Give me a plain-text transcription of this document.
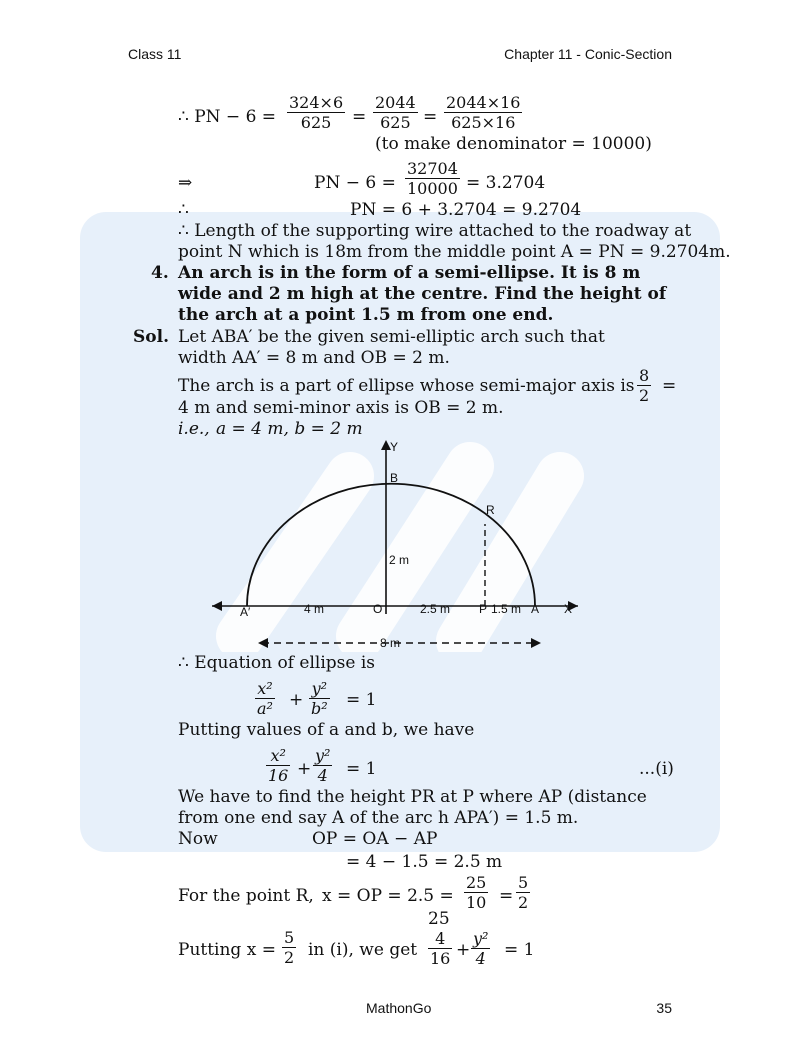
Class 11	Chapter 11 - Conic-Section
∴ PN − $6 = \frac{324\times 6}{625} = \frac{2044}{625} = \frac{2044\times 16}{625\times 16}$
(to make denominator = 10000)
⇒	PN − $6 = \frac{32704}{10000} = 3.2704$
∴	PN = 6 + 3.2704 = 9.2704
∴ Length of the supporting wire attached to the roadway at
point N which is 18m from the middle point A = PN = 9.2704m.
4. An arch is in the form of a semi-ellipse. It is 8 m
wide and 2 m high at the centre. Find the height of
the arch at a point 1.5 m from one end.
Sol. Let ABA′ be the given semi-elliptic arch such that
width AA′ = 8 m and OB = 2 m.
The arch is a part of ellipse whose semi-major axis is $\frac{8}{2}$ =
4 m and semi-minor axis is OB = 2 m.
i.e., a = 4 m, b = 2 m
Y
B
R
2 m
A′	4 m	O	2.5 m P 1.5 m A X
8 m
∴ Equation of ellipse is
$\frac{\text{x²}}{\text{a²}} + \frac{\text{y²}}{\text{b²}} = 1$
Putting values of a and b, we have
$\frac{\text{x²}}{16} + \frac{\text{y²}}{4} = 1$	...(i)
We have to find the height PR at P where AP (distance
from one end say A of the arc h APA′) = 1.5 m.
Now	OP = OA − AP
= 4 − 1.5 = 2.5 m
For the point R, x = OP = $2.5 = \frac{25}{10} = \frac{5}{2}$
Putting $x = \frac{5}{2}$ in (i), we get
25
$\frac{4}{16} + \frac{\text{y²}}{4} = 1$
MathonGo	35
